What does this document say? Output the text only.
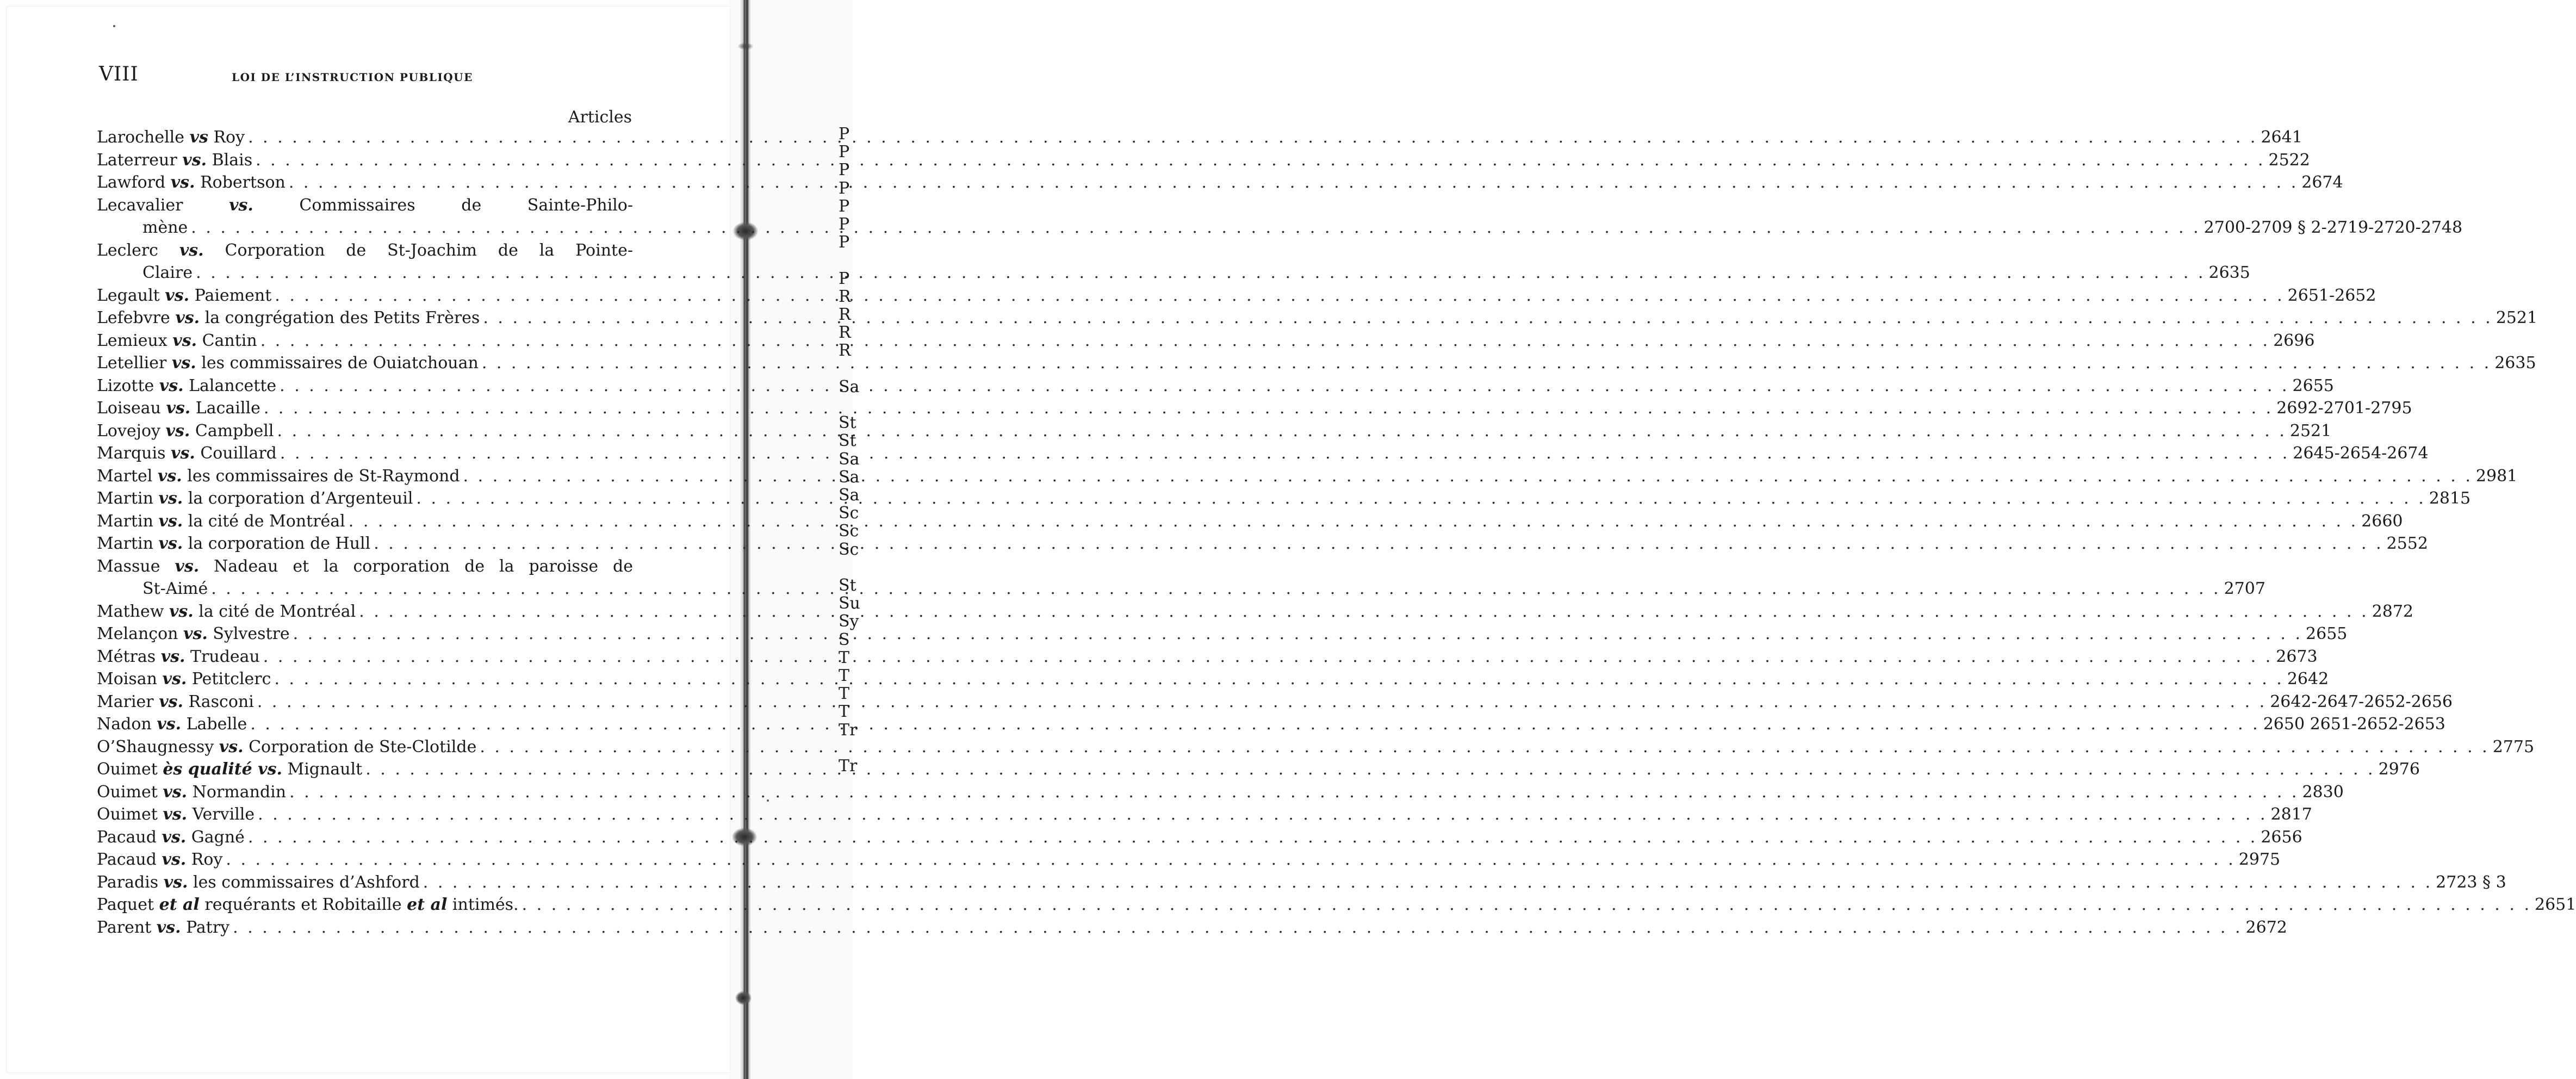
VIII	LOI DE L’INSTRUCTION PUBLIQUE
Articles
Larochelle vs Roy . . .	2641
Laterreur vs. Blais . . .	2522
Lawford vs. Robertson . . .	2674
Lecavalier	vs.	Commissaires de Sainte-Philo-
mène . . .	2700-2709 § 2-2719-2720-2748
Leclerc vs. Corporation de St-Joachim de la Pointe-
Claire . . .	2635
Legault vs. Paiement . . .	2651-2652
Lefebvre vs. la congrégation des Petits Frères . . .	2521
Lemieux vs. Cantin . . .	2696
Letellier vs. les commissaires de Ouiatchouan . . .	2635
Lizotte vs. Lalancette . . .	2655
Loiseau vs. Lacaille . . .	2692-2701-2795
Lovejoy vs. Campbell . . .	2521
Marquis vs. Couillard . . .	2645-2654-2674
Martel vs. les commissaires de St-Raymond . . .	2981
Martin vs. la corporation d’Argenteuil . . .	2815
Martin vs. la cité de Montréal . . .	2660
Martin vs. la corporation de Hull . . .	2552
Massue vs. Nadeau et la corporation de la paroisse de
St-Aimé . . .	2707
Mathew vs. la cité de Montréal . . .	2872
Melançon vs. Sylvestre . . .	2655
Métras vs. Trudeau . . .	2673
Moisan vs. Petitclerc . . .	2642
Marier vs. Rasconi . . .	2642-2647-2652-2656
Nadon vs. Labelle . . .	2650 2651-2652-2653
O’Shaugnessy vs. Corporation de Ste-Clotilde . . .	2775
Ouimet ès qualité vs. Mignault . . .	2976
Ouimet vs. Normandin . . .	2830
Ouimet vs. Verville . . .	2817
Pacaud vs. Gagné . . .	2656
Pacaud vs. Roy . . .	2975
Paradis vs. les commissaires d’Ashford . . .	2723 § 3
Paquet et al requérants et Robitaille et al intimés. . . .	2651
Parent vs. Patry . . .	2672
P
P
P
P
P
P
P
P
R
R
R
R
Sa
St
St
Sa
Sa
Sa
Sc
Sc
Sc
St
Su
Sy
S
T
T
T
T
Tr
Tr
